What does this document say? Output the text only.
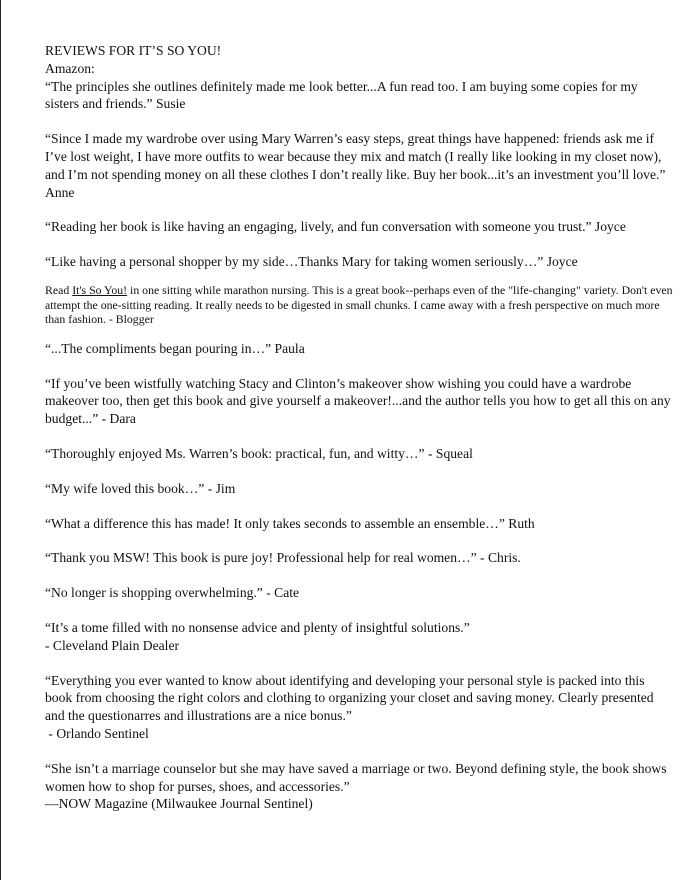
REVIEWS FOR IT’S SO YOU!

Amazon:

“The principles she outlines definitely made me look better...A fun read too. I am buying some copies for my sisters and friends.” Susie

“Since I made my wardrobe over using Mary Warren’s easy steps, great things have happened: friends ask me if I’ve lost weight, I have more outfits to wear because they mix and match (I really like looking in my closet now), and I’m not spending money on all these clothes I don’t really like. Buy her book...it’s an investment you’ll love.” Anne

“Reading her book is like having an engaging, lively, and fun conversation with someone you trust.” Joyce

“Like having a personal shopper by my side…Thanks Mary for taking women seriously…” Joyce

Read It's So You! in one sitting while marathon nursing. This is a great book--perhaps even of the "life-changing" variety. Don't even attempt the one-sitting reading. It really needs to be digested in small chunks. I came away with a fresh perspective on much more than fashion. - Blogger

“...The compliments began pouring in…” Paula

“If you’ve been wistfully watching Stacy and Clinton’s makeover show wishing you could have a wardrobe makeover too, then get this book and give yourself a makeover!...and the author tells you how to get all this on any budget...” - Dara

“Thoroughly enjoyed Ms. Warren’s book: practical, fun, and witty…” - Squeal

“My wife loved this book…” - Jim

“What a difference this has made! It only takes seconds to assemble an ensemble…” Ruth

“Thank you MSW! This book is pure joy! Professional help for real women…” - Chris.

“No longer is shopping overwhelming.” - Cate

“It’s a tome filled with no nonsense advice and plenty of insightful solutions.”

- Cleveland Plain Dealer

“Everything you ever wanted to know about identifying and developing your personal style is packed into this book from choosing the right colors and clothing to organizing your closet and saving money. Clearly presented and the questionarres and illustrations are a nice bonus.”

- Orlando Sentinel

“She isn’t a marriage counselor but she may have saved a marriage or two. Beyond defining style, the book shows women how to shop for purses, shoes, and accessories.”

—NOW Magazine (Milwaukee Journal Sentinel)
